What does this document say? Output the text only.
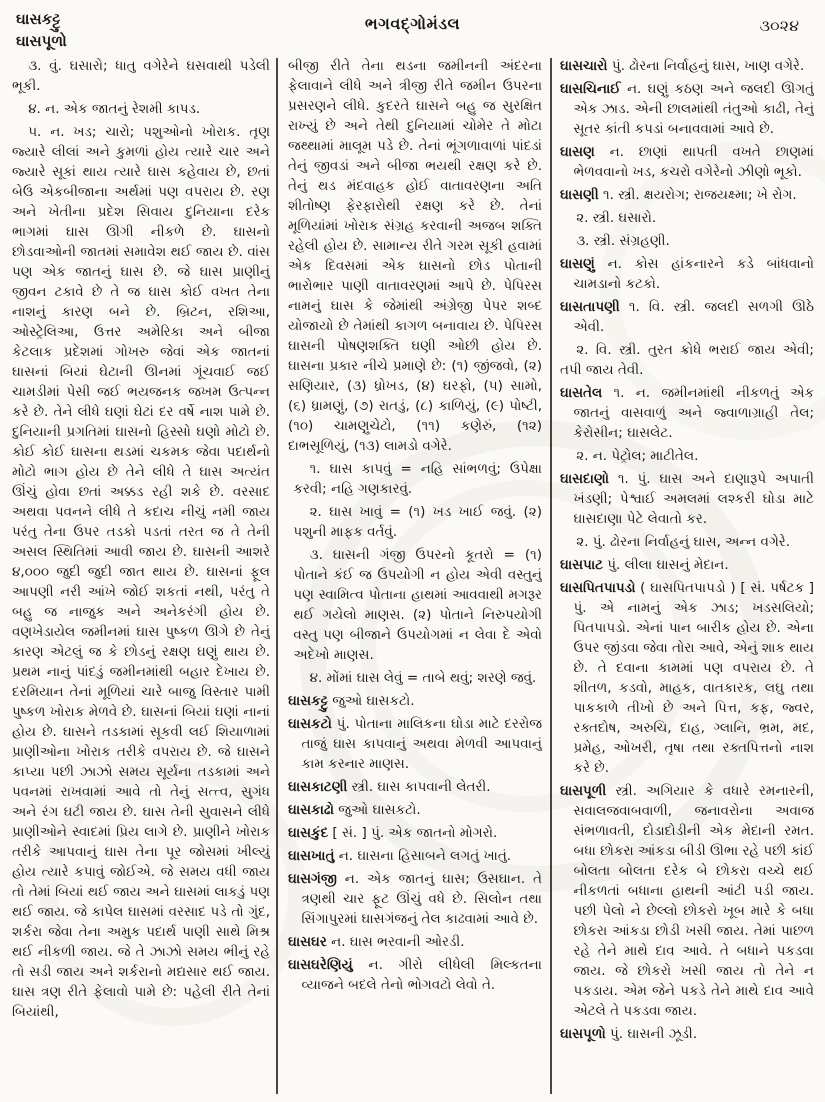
ઘાસકટ્ટુ
ઘાસપૂળો
ભગવદ્ગોમંડલ	૩૦૨૪

૩. વું. ઘસારો; ધાતુ વગેરેને ઘસવાથી પડેલી ભૂકી.

૪. ન. એક જાતનું રેશમી કાપડ.

૫. ન. ખડ; ચારો; પશુઓનો ખોરાક. તૃણ જ્યારે લીલાં અને કુમળાં હોય ત્યારે ચાર અને જ્યારે સૂકાં થાય ત્યારે ઘાસ કહેવાય છે, છતાં બેઉ એકબીજાના અર્થમાં પણ વપરાય છે. રણ અને ખેતીના પ્રદેશ સિવાય દુનિયાના દરેક ભાગમાં ઘાસ ઊગી નીકળે છે. ઘાસનો છોડવાઓની જાતમાં સમાવેશ થઈ જાય છે. વાંસ પણ એક જાતનું ઘાસ છે. જે ઘાસ પ્રાણીનું જીવન ટકાવે છે તે જ ઘાસ કોઈ વખત તેના નાશનું કારણ બને છે. બ્રિટન, રશિઆ, ઓસ્ટ્રેલિઆ, ઉત્તર અમેરિકા અને બીજા કેટલાક પ્રદેશમાં ગોખરુ જેવાં એક જાતનાં ઘાસનાં બિયાં ઘેટાની ઊનમાં ગૂંચવાઈ જઈ ચામડીમાં પેસી જઈ ભયજનક જખમ ઉત્પન્ન કરે છે. તેને લીધે ઘણાં ઘેટાં દર વર્ષે નાશ પામે છે. દુનિયાની પ્રગતિમાં ઘાસનો હિસ્સો ઘણો મોટો છે. કોઈ કોઈ ઘાસના થડમાં ચકમક જેવા પદાર્થનો મોટો ભાગ હોય છે તેને લીધે તે ઘાસ અત્યંત ઊંચું હોવા છતાં અક્કડ રહી શકે છે. વરસાદ અથવા પવનને લીધે તે કદાચ નીચું નમી જાય પરંતુ તેના ઉપર તડકો પડતાં તરત જ તે તેની અસલ સ્થિતિમાં આવી જાય છે. ઘાસની આશરે ૪,૦૦૦ જુદી જુદી જાત થાય છે. ઘાસનાં ફૂલ આપણી નરી આંખે જોઈ શકતાં નથી, પરંતુ તે બહુ જ નાજુક અને અનેકરંગી હોય છે. વણખેડાયેલ જમીનમાં ઘાસ પુષ્કળ ઊગે છે તેનું કારણ એટલું જ કે છોડનું રક્ષણ ઘણું થાય છે. પ્રથમ નાનું પાંદડું જમીનમાંથી બહાર દેખાય છે. દરમિયાન તેનાં મૂળિયાં ચારે બાજુ વિસ્તાર પામી પુષ્કળ ખોરાક મેળવે છે. ઘાસનાં બિયાં ઘણાં નાનાં હોય છે. ઘાસને તડકામાં સૂકવી લઈ શિયાળામાં પ્રાણીઓના ખોરાક તરીકે વપરાય છે. જે ઘાસને કાપ્યા પછી ઝાઝો સમય સૂર્યના તડકામાં અને પવનમાં રાખવામાં આવે તો તેનું સત્ત્વ, સુગંધ અને રંગ ઘટી જાય છે. ઘાસ તેની સુવાસને લીધે પ્રાણીઓને સ્વાદમાં પ્રિય લાગે છે. પ્રાણીને ખોરાક તરીકે આપવાનું ઘાસ તેના પૂર જોસમાં ખીલ્યું હોય ત્યારે કપાવું જોઈએ. જે સમય વધી જાય તો તેમાં બિયાં થઈ જાય અને ઘાસમાં લાકડું પણ થઈ જાય. જે કાપેલ ઘાસમાં વરસાદ પડે તો ગુંદ, શર્કરા જેવા તેના અમુક પદાર્થ પાણી સાથે મિશ્ર થઈ નીકળી જાય. જે તે ઝાઝો સમય ભીનું રહે તો સડી જાય અને શર્કરાનો મદ્યસાર થઈ જાય. ઘાસ ત્રણ રીતે ફેલાવો પામે છે: પહેલી રીતે તેનાં બિયાંથી,

બીજી રીતે તેના થડના જમીનની અંદરના ફેલાવાને લીધે અને ત્રીજી રીતે જમીન ઉપરના પ્રસરણને લીધે. કુદરતે ઘાસને બહુ જ સુરક્ષિત રાખ્યું છે અને તેથી દુનિયામાં ચોમેર તે મોટા જથ્થામાં માલૂમ પડે છે. તેનાં ભૂંગળાવાળાં પાંદડાં તેનું જીવડાં અને બીજા ભયથી રક્ષણ કરે છે. તેનું થડ મંદવાહક હોઈ વાતાવરણના અતિ શીતોષ્ણ ફેરફારોથી રક્ષણ કરે છે. તેનાં મૂળિયાંમાં ખોરાક સંગ્રહ કરવાની અજબ શક્તિ રહેલી હોય છે. સામાન્ય રીતે ગરમ સૂકી હવામાં એક દિવસમાં એક ઘાસનો છોડ પોતાની ભારોભાર પાણી વાતાવરણમાં આપે છે. પેપિરસ નામનું ઘાસ કે જેમાંથી અંગ્રેજી પેપર શબ્દ યોજાયો છે તેમાંથી કાગળ બનાવાય છે. પેપિરસ ઘાસની પોષણશક્તિ ઘણી ઓછી હોય છે. ઘાસના પ્રકાર નીચે પ્રમાણે છે: (૧) જીંજવો, (૨) સણિયાર, (૩) ધ્રોખડ, (૪) ઘરફો, (૫) સામો, (૬) ધ્રામણું, (૭) રાતડું, (૮) કાળિયું, (૯) પોષ્ટી, (૧૦) ચામણુચેટો, (૧૧) કણેરું, (૧૨) દાભસૂળિયું, (૧૩) લામડો વગેરે.

૧. ઘાસ કાપવું = નહિ સાંભળવું; ઉપેક્ષા કરવી; નહિ ગણકારવું.

૨. ઘાસ ખાવું = (૧) ખડ ખાઈ જવું. (૨) પશુની માફક વર્તવું.

૩. ઘાસની ગંજી ઉપરનો કૂતરો = (૧) પોતાને કંઈ જ ઉપયોગી ન હોય એવી વસ્તુનું પણ સ્વામિત્વ પોતાના હાથમાં આવવાથી મગરૂર થઈ ગયેલો માણસ. (૨) પોતાને નિરુપયોગી વસ્તુ પણ બીજાને ઉપયોગમાં ન લેવા દે એવો અદેખો માણસ.

૪. મોંમાં ઘાસ લેવું = તાબે થવું; શરણે જવું.

ઘાસકટ્ટુ જુઓ ઘાસકટો.

ઘાસકટો પું. પોતાના માલિકના ઘોડા માટે દરરોજ તાજું ઘાસ કાપવાનું અથવા મેળવી આપવાનું કામ કરનાર માણસ.

ઘાસકાટણી સ્ત્રી. ઘાસ કાપવાની લેતરી.

ઘાસકાઢો જુઓ ઘાસકટો.

ઘાસકુંદ [ સં. ] પું. એક જાતનો મોગરો.

ઘાસખાતું ન. ઘાસના હિસાબને લગતું ખાતું.

ઘાસગંજી ન. એક જાતનું ઘાસ; ઉસઘાન. તે ત્રણથી ચાર ફૂટ ઊંચું વધે છે. સિલોન તથા સિંગાપુરમાં ઘાસગંજનું તેલ કાઢવામાં આવે છે.

ઘાસઘર ન. ઘાસ ભરવાની ઓરડી.

ઘાસઘરેણિયું ન. ગીરો લીધેલી મિલ્કતના વ્યાજને બદલે તેનો ભોગવટો લેવો તે.

ઘાસચારો પું. ઢોરના નિર્વાહનું ઘાસ, ખાણ વગેરે.

ઘાસચિનાઈ ન. ઘણું કઠણ અને જલદી ઊગતું એક ઝાડ. એની છાલમાંથી તંતુઓ કાઢી, તેનું સૂતર કાંતી કપડાં બનાવવામાં આવે છે.

ઘાસણ ન. છાણાં થાપતી વખતે છાણમાં ભેળવવાનો ખડ, કચરો વગેરેનો ઝીણો ભૂકો.

ઘાસણી ૧. સ્ત્રી. ક્ષયરોગ; રાજયક્ષ્મા; ખે રોગ.

૨. સ્ત્રી. ઘસારો.

૩. સ્ત્રી. સંગ્રહણી.

ઘાસણું ન. કોસ હાંકનારને કડે બાંધવાનો ચામડાનો કટકો.

ઘાસતાપણી ૧. વિ. સ્ત્રી. જલદી સળગી ઊઠે એવી.

૨. વિ. સ્ત્રી. તુરત ક્રોધે ભરાઈ જાય એવી; તપી જાય તેવી.

ઘાસતેલ ૧. ન. જમીનમાંથી નીકળતું એક જાતનું વાસવાળું અને જ્વાળાગ્રાહી તેલ; કેરોસીન; ઘાસલેટ.

૨. ન. પેટ્રોલ; માટીતેલ.

ઘાસદાણો ૧. પું. ઘાસ અને દાણારૂપે અપાતી ખંડણી; પેશ્વાઈ અમલમાં લશ્કરી ઘોડા માટે ઘાસદાણા પેટે લેવાતો કર.

૨. પું. ઢોરના નિર્વાહનું ઘાસ, અન્ન વગેરે.

ઘાસપાટ પું. લીલા ઘાસનું મેદાન.

ઘાસપિતપાપડો ( ઘાસપિતપાપડો ) [ સં. પર્ષટક ] પું. એ નામનું એક ઝાડ; ખડસલિયો; પિતપાપડો. એનાં પાન બારીક હોય છે. એના ઉપર જીંડવા જેવા તોરા આવે, એનું શાક થાય છે. તે દવાના કામમાં પણ વપરાય છે. તે શીતળ, કડવો, માહક, વાતકારક, લઘુ તથા પાકકાળે તીખો છે અને પિત્ત, કફ, જ્વર, રક્તદોષ, અરુચિ, દાહ, ગ્લાનિ, ભ્રમ, મદ, પ્રમેહ, ઓખરી, તૃષા તથા રક્તપિત્તનો નાશ કરે છે.

ઘાસપૂળી સ્ત્રી. અગિયાર કે વધારે રમનારની, સવાલજવાબવાળી, જનાવરોના અવાજ સંભળાવતી, દોડાદોડીની એક મેદાની રમત. બધા છોકરા આંકડા બીડી ઊભા રહે પછી કાંઈ બોલતા બોલતા દરેક બે છોકરા વચ્ચે થઈ નીકળતાં બધાના હાથની આંટી પડી જાય. પછી પેલો ને છેલ્લો છોકરો ખૂબ મારે કે બધા છોકરા આંકડા છોડી ખસી જાય. તેમાં પાછળ રહે તેને માથે દાવ આવે. તે બધાને પકડવા જાય. જે છોકરો ખસી જાય તો તેને ન પકડાય. એમ જેને પકડે તેને માથે દાવ આવે એટલે તે પકડવા જાય.

ઘાસપૂળો પું. ઘાસની ઝૂડી.
